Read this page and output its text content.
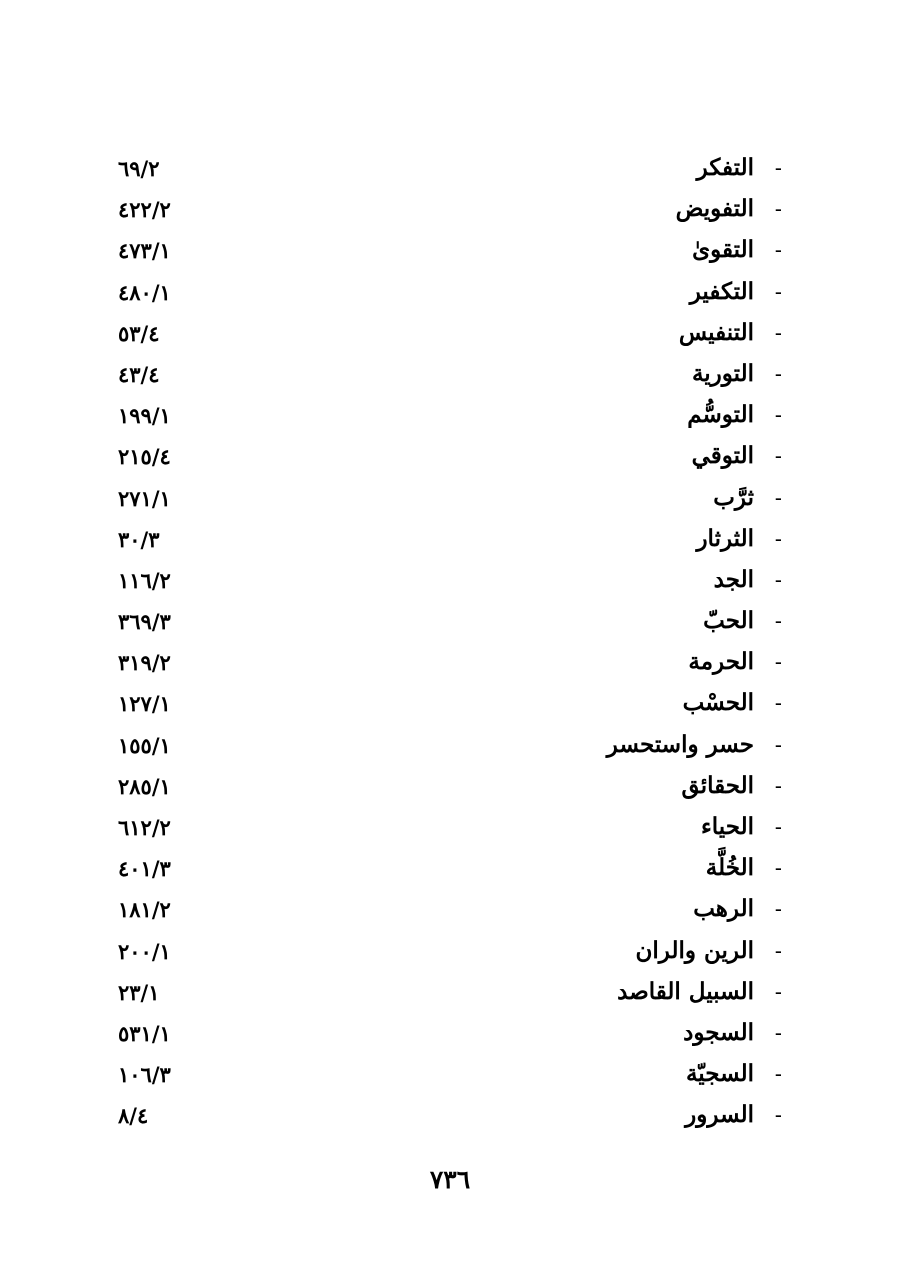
-
التفكر
٦٩/٢
-
التفويض
٤٢٢/٢
-
التقوىٰ
٤٧٣/١
-
التكفير
٤٨٠/١
-
التنفيس
٥٣/٤
-
التورية
٤٣/٤
-
التوسُّم
١٩٩/١
-
التوقي
٢١٥/٤
-
ثرَّب
٢٧١/١
-
الثرثار
٣٠/٣
-
الجد
١١٦/٢
-
الحبّ
٣٦٩/٣
-
الحرمة
٣١٩/٢
-
الحسْب
١٢٧/١
-
حسر واستحسر
١٥٥/١
-
الحقائق
٢٨٥/١
-
الحياء
٦١٢/٢
-
الخُلَّة
٤٠١/٣
-
الرهب
١٨١/٢
-
الرين والران
٢٠٠/١
-
السبيل القاصد
٢٣/١
-
السجود
٥٣١/١
-
السجيّة
١٠٦/٣
-
السرور
٨/٤
٧٣٦
